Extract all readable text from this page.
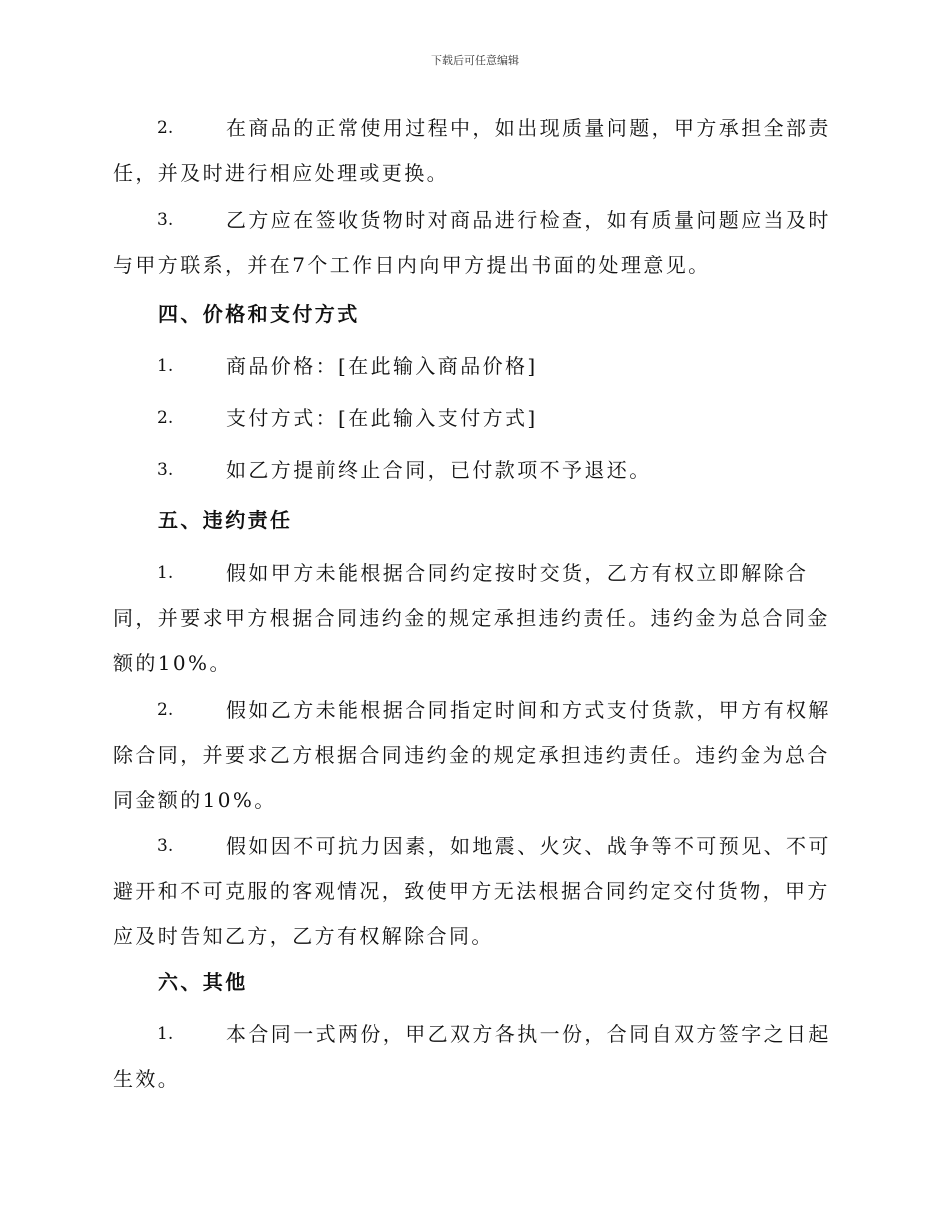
下载后可任意编辑
2.	在商品的正常使用过程中，如出现质量问题，甲方承担全部责任，并及时进行相应处理或更换。
3.	乙方应在签收货物时对商品进行检查，如有质量问题应当及时与甲方联系，并在7个工作日内向甲方提出书面的处理意见。
四、价格和支付方式
1.	商品价格：[在此输入商品价格]
2.	支付方式：[在此输入支付方式]
3.	如乙方提前终止合同，已付款项不予退还。
五、违约责任
1.	假如甲方未能根据合同约定按时交货，乙方有权立即解除合同，并要求甲方根据合同违约金的规定承担违约责任。违约金为总合同金额的10%。
2.	假如乙方未能根据合同指定时间和方式支付货款，甲方有权解除合同，并要求乙方根据合同违约金的规定承担违约责任。违约金为总合同金额的10%。
3.	假如因不可抗力因素，如地震、火灾、战争等不可预见、不可避开和不可克服的客观情况，致使甲方无法根据合同约定交付货物，甲方应及时告知乙方，乙方有权解除合同。
六、其他
1.	本合同一式两份，甲乙双方各执一份，合同自双方签字之日起生效。
